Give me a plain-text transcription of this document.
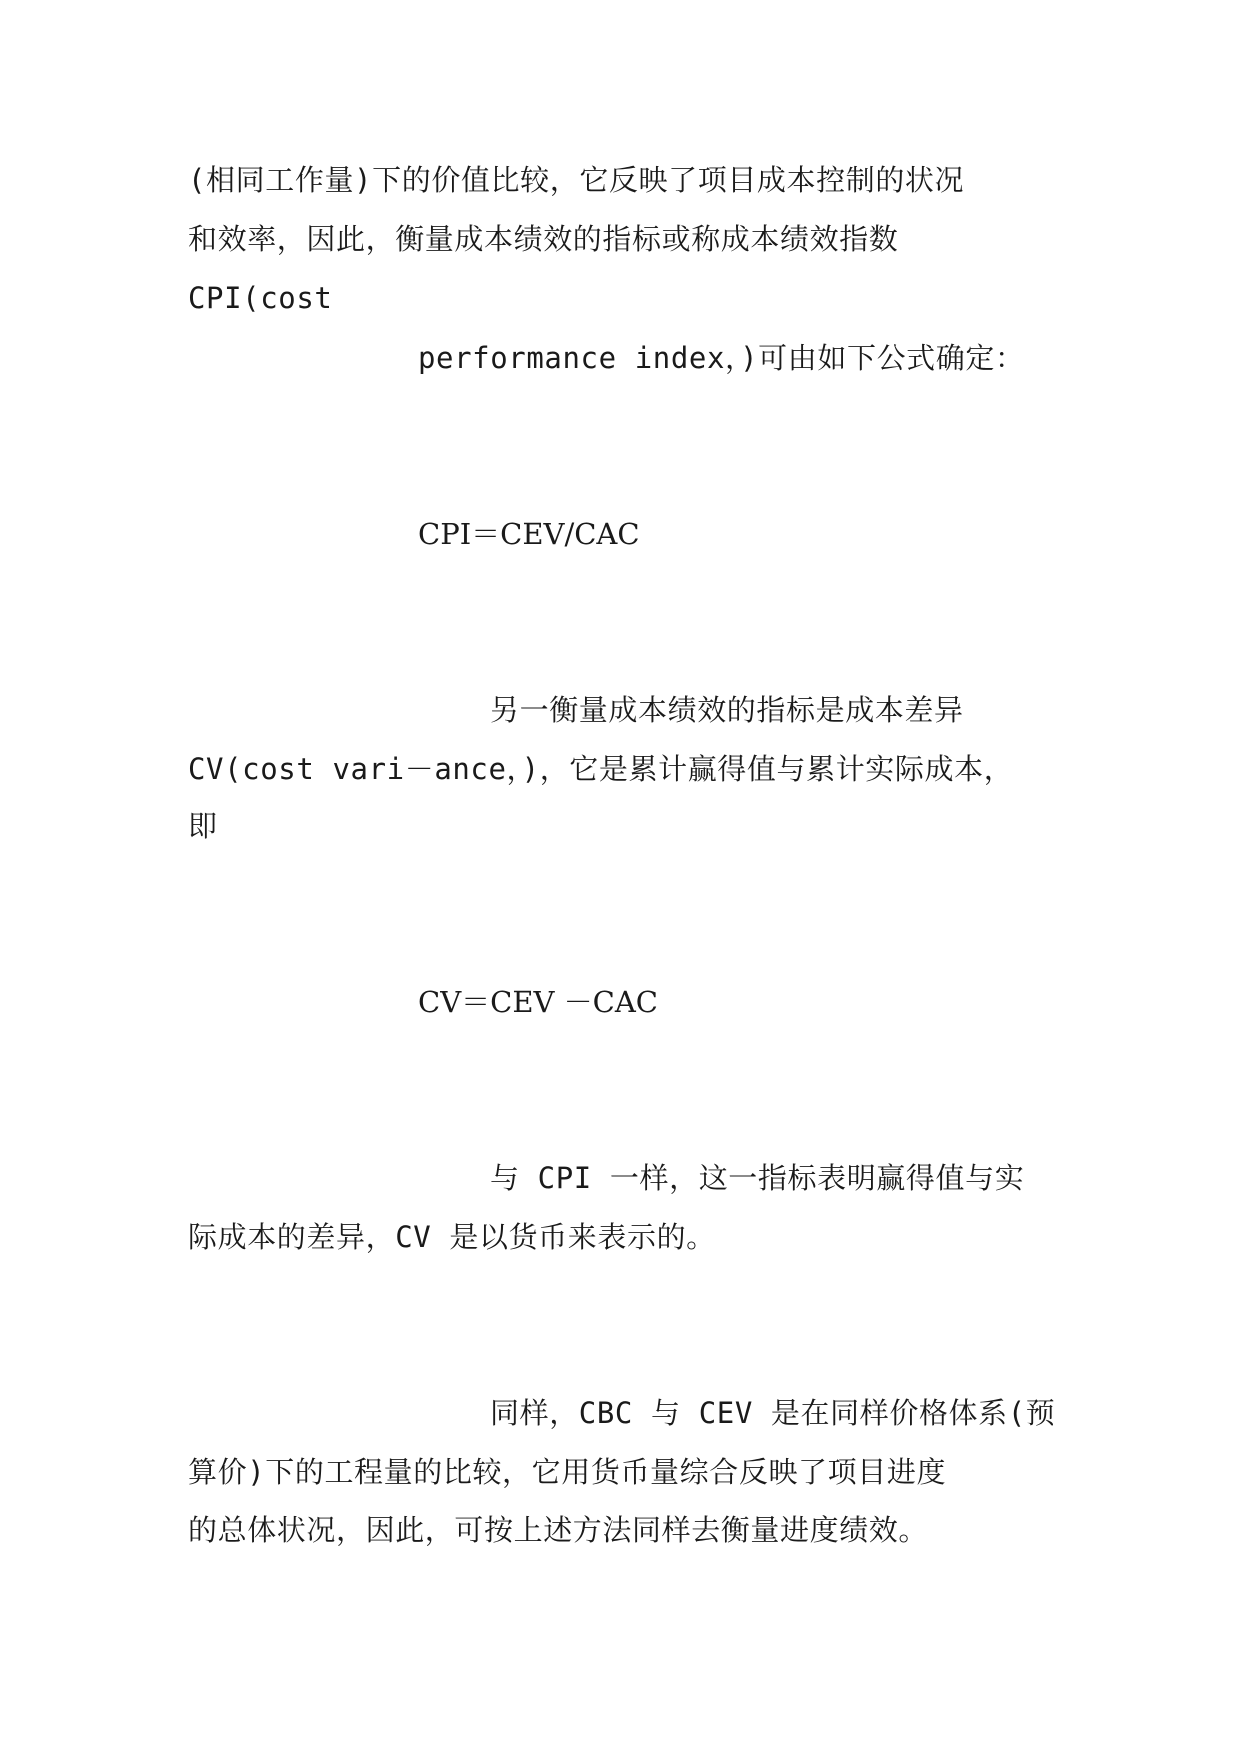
(相同工作量)下的价值比较，它反映了项目成本控制的状况
和效率，因此，衡量成本绩效的指标或称成本绩效指数
CPI(cost
performance index，)可由如下公式确定：
CPI＝CEV/CAC
另一衡量成本绩效的指标是成本差异
CV(cost vari－ance，)，它是累计赢得值与累计实际成本，
即
CV＝CEV －CAC
与 CPI 一样，这一指标表明赢得值与实
际成本的差异，CV 是以货币来表示的。
同样，CBC 与 CEV 是在同样价格体系(预
算价)下的工程量的比较，它用货币量综合反映了项目进度
的总体状况，因此，可按上述方法同样去衡量进度绩效。
